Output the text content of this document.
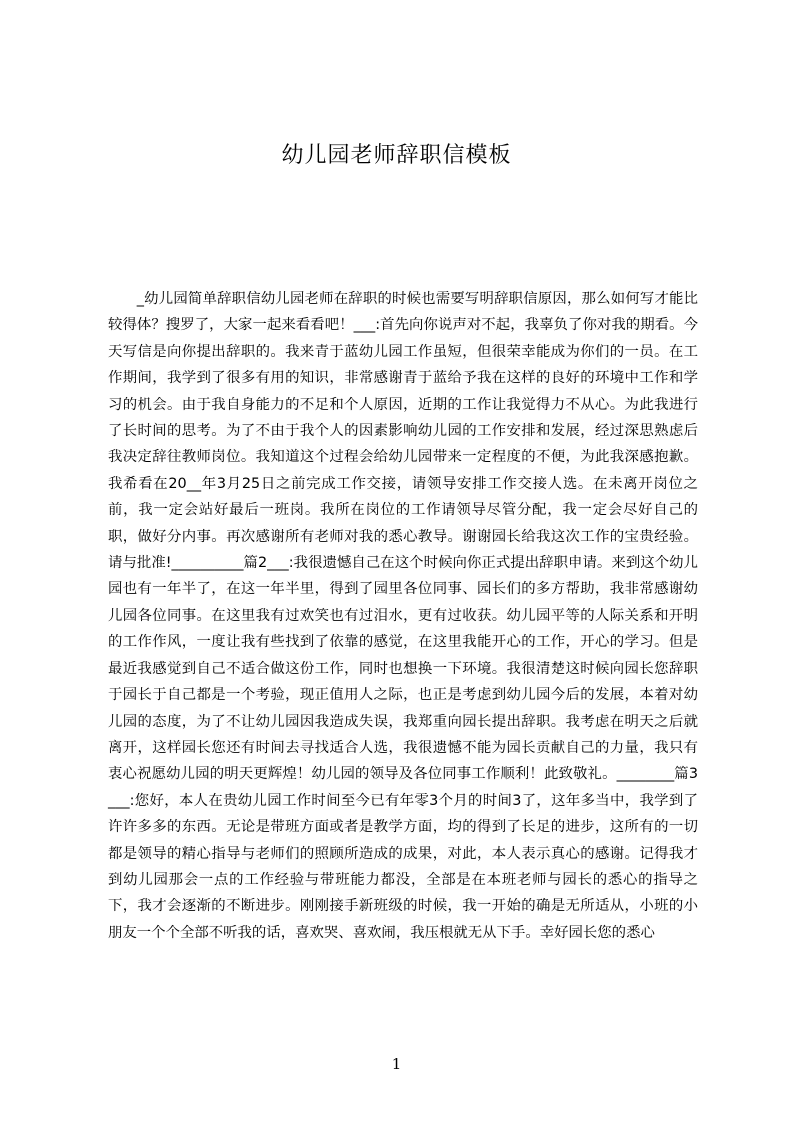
幼儿园老师辞职信模板

_幼儿园简单辞职信幼儿园老师在辞职的时候也需要写明辞职信原因，那么如何写才能比较得体？搜罗了，大家一起来看看吧！___:首先向你说声对不起，我辜负了你对我的期看。今天写信是向你提出辞职的。我来青于蓝幼儿园工作虽短，但很荣幸能成为你们的一员。在工作期间，我学到了很多有用的知识，非常感谢青于蓝给予我在这样的良好的环境中工作和学习的机会。由于我自身能力的不足和个人原因，近期的工作让我觉得力不从心。为此我进行了长时间的思考。为了不由于我个人的因素影响幼儿园的工作安排和发展，经过深思熟虑后我决定辞往教师岗位。我知道这个过程会给幼儿园带来一定程度的不便，为此我深感抱歉。我希看在20__年3月25日之前完成工作交接，请领导安排工作交接人选。在未离开岗位之前，我一定会站好最后一班岗。我所在岗位的工作请领导尽管分配，我一定会尽好自己的职，做好分内事。再次感谢所有老师对我的悉心教导。谢谢园长给我这次工作的宝贵经验。请与批准!__________篇2___:我很遗憾自己在这个时候向你正式提出辞职申请。来到这个幼儿园也有一年半了，在这一年半里，得到了园里各位同事、园长们的多方帮助，我非常感谢幼儿园各位同事。在这里我有过欢笑也有过泪水，更有过收获。幼儿园平等的人际关系和开明的工作作风，一度让我有些找到了依靠的感觉，在这里我能开心的工作，开心的学习。但是最近我感觉到自己不适合做这份工作，同时也想换一下环境。我很清楚这时候向园长您辞职于园长于自己都是一个考验，现正值用人之际，也正是考虑到幼儿园今后的发展，本着对幼儿园的态度，为了不让幼儿园因我造成失误，我郑重向园长提出辞职。我考虑在明天之后就离开，这样园长您还有时间去寻找适合人选，我很遗憾不能为园长贡献自己的力量，我只有衷心祝愿幼儿园的明天更辉煌！幼儿园的领导及各位同事工作顺利！此致敬礼。________篇3___:您好，本人在贵幼儿园工作时间至今已有年零3个月的时间3了，这年多当中，我学到了许许多多的东西。无论是带班方面或者是教学方面，均的得到了长足的进步，这所有的一切都是领导的精心指导与老师们的照顾所造成的成果，对此，本人表示真心的感谢。记得我才到幼儿园那会一点的工作经验与带班能力都没，全部是在本班老师与园长的悉心的指导之下，我才会逐渐的不断进步。刚刚接手新班级的时候，我一开始的确是无所适从，小班的小朋友一个个全部不听我的话，喜欢哭、喜欢闹，我压根就无从下手。幸好园长您的悉心

1
